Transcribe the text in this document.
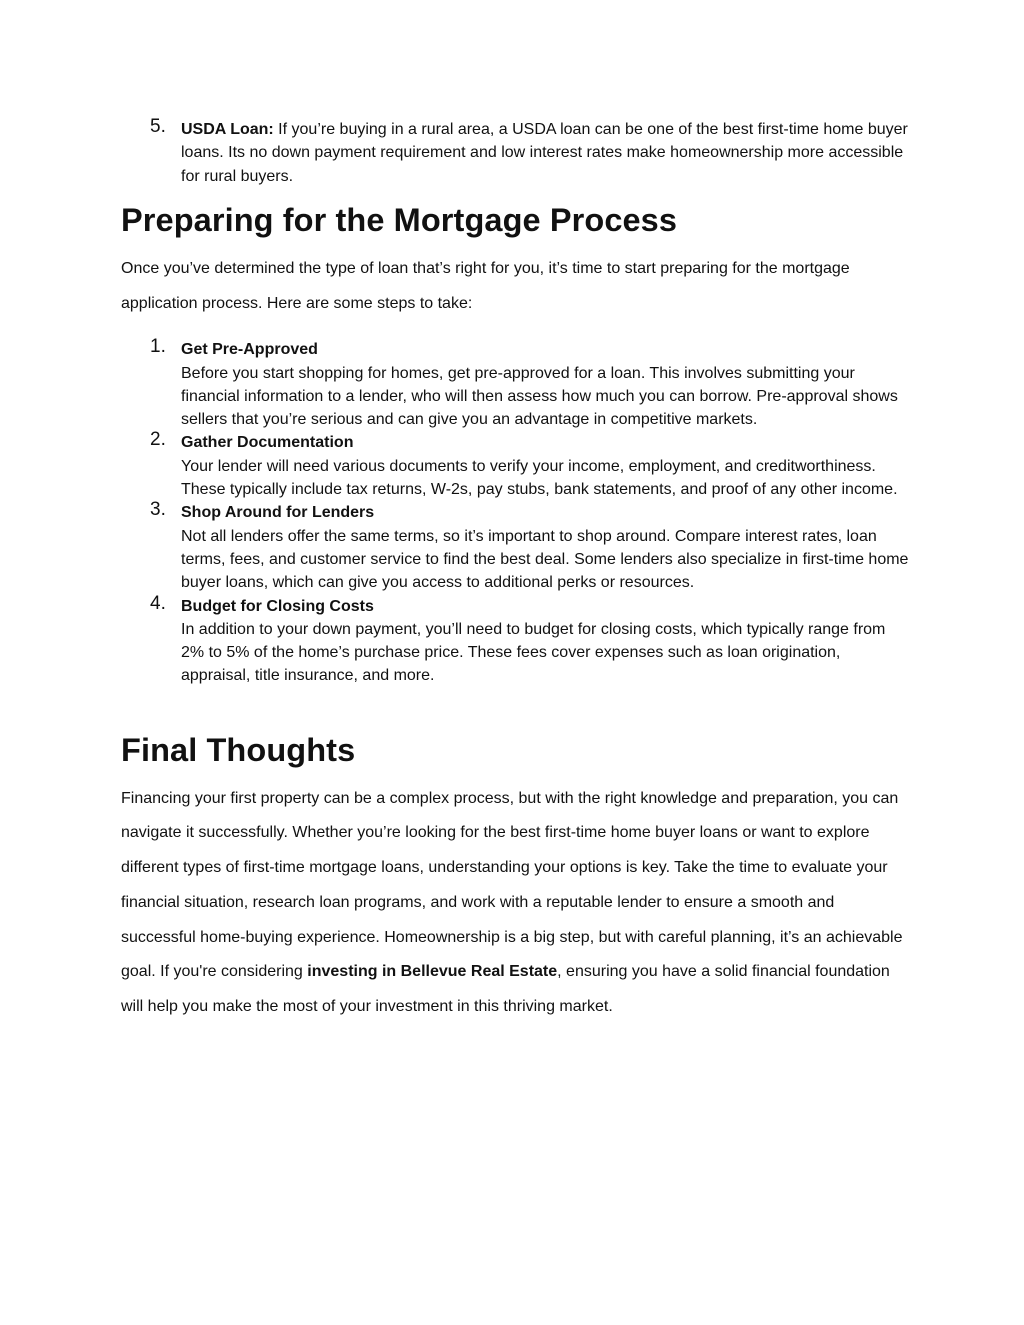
5. USDA Loan: If you’re buying in a rural area, a USDA loan can be one of the best first-time home buyer loans. Its no down payment requirement and low interest rates make homeownership more accessible for rural buyers.
Preparing for the Mortgage Process

Once you’ve determined the type of loan that’s right for you, it’s time to start preparing for the mortgage application process. Here are some steps to take:

1. Get Pre-Approved
Before you start shopping for homes, get pre-approved for a loan. This involves submitting your financial information to a lender, who will then assess how much you can borrow. Pre-approval shows sellers that you’re serious and can give you an advantage in competitive markets.
2. Gather Documentation
Your lender will need various documents to verify your income, employment, and creditworthiness. These typically include tax returns, W-2s, pay stubs, bank statements, and proof of any other income.
3. Shop Around for Lenders
Not all lenders offer the same terms, so it’s important to shop around. Compare interest rates, loan terms, fees, and customer service to find the best deal. Some lenders also specialize in first-time home buyer loans, which can give you access to additional perks or resources.
4. Budget for Closing Costs
In addition to your down payment, you’ll need to budget for closing costs, which typically range from 2% to 5% of the home’s purchase price. These fees cover expenses such as loan origination, appraisal, title insurance, and more.
Final Thoughts

Financing your first property can be a complex process, but with the right knowledge and preparation, you can navigate it successfully. Whether you’re looking for the best first-time home buyer loans or want to explore different types of first-time mortgage loans, understanding your options is key. Take the time to evaluate your financial situation, research loan programs, and work with a reputable lender to ensure a smooth and successful home-buying experience. Homeownership is a big step, but with careful planning, it’s an achievable goal. If you're considering investing in Bellevue Real Estate, ensuring you have a solid financial foundation will help you make the most of your investment in this thriving market.
